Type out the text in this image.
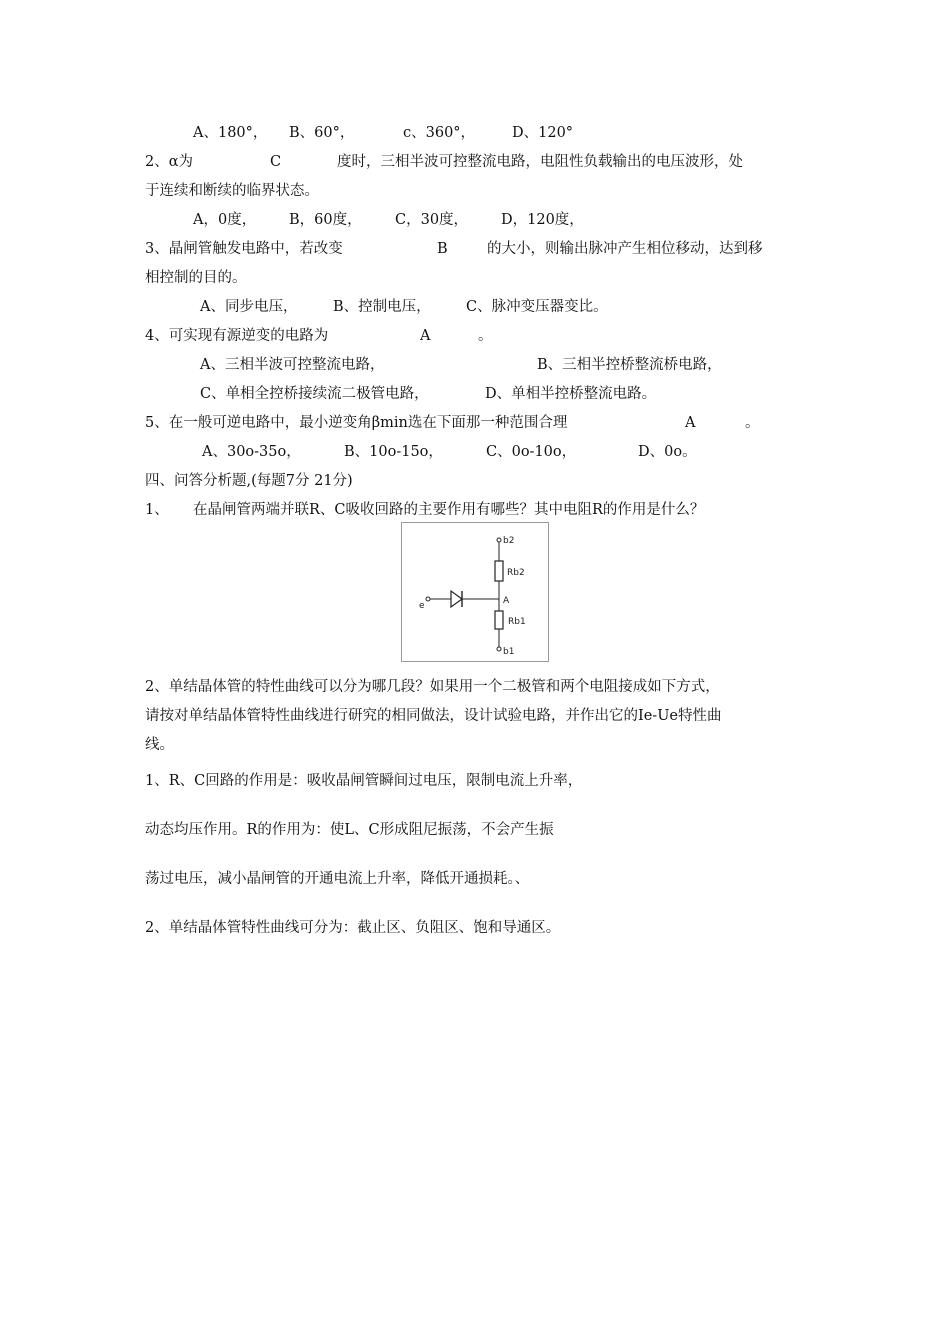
A、180°， B、60°，	c、360°，	D、120°
2、α为	C	度时，三相半波可控整流电路，电阻性负载输出的电压波形，处
于连续和断续的临界状态。
A，0度， B，60度， C，30度， D，120度，
3、晶闸管触发电路中，若改变	B	的大小，则输出脉冲产生相位移动，达到移
相控制的目的。
A、同步电压， B、控制电压， C、脉冲变压器变比。
4、可实现有源逆变的电路为	A	。
A、三相半波可控整流电路，	B、三相半控桥整流桥电路，
C、单相全控桥接续流二极管电路，	D、单相半控桥整流电路。
5、在一般可逆电路中，最小逆变角βmin选在下面那一种范围合理	A	。
A、30o-35o，	B、10o-15o，	C、0o-10o，	D、0o。
四、问答分析题,(每题7分 21分)
1、 在晶闸管两端并联R、C吸收回路的主要作用有哪些？其中电阻R的作用是什么？
b2
Rb2
A
Rb1
b1
e
2、单结晶体管的特性曲线可以分为哪几段？如果用一个二极管和两个电阻接成如下方式，
请按对单结晶体管特性曲线进行研究的相同做法，设计试验电路，并作出它的Ie-Ue特性曲
线。
1、R、C回路的作用是：吸收晶闸管瞬间过电压，限制电流上升率，
动态均压作用。R的作用为：使L、C形成阻尼振荡，不会产生振
荡过电压，减小晶闸管的开通电流上升率，降低开通损耗。、
2、单结晶体管特性曲线可分为：截止区、负阻区、饱和导通区。
